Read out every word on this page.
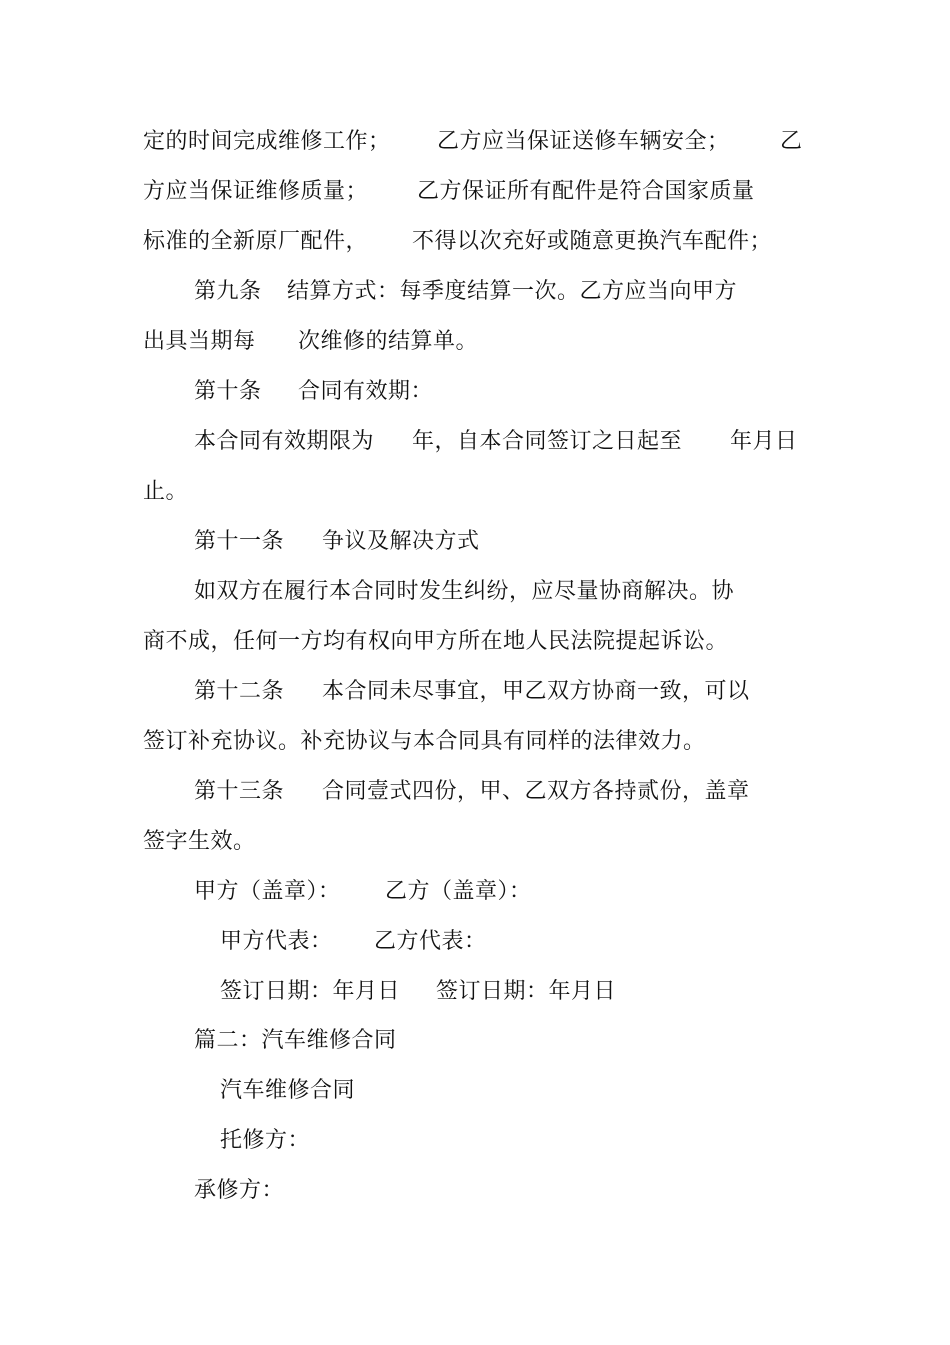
定的时间完成维修工作； 乙方应当保证送修车辆安全； 乙
方应当保证维修质量； 乙方保证所有配件是符合国家质量
标准的全新原厂配件， 不得以次充好或随意更换汽车配件；
第九条 结算方式：每季度结算一次。乙方应当向甲方
出具当期每 次维修的结算单。
第十条 合同有效期：
本合同有效期限为 年，自本合同签订之日起至 年月日
止。
第十一条 争议及解决方式
如双方在履行本合同时发生纠纷，应尽量协商解决。协
商不成，任何一方均有权向甲方所在地人民法院提起诉讼。
第十二条 本合同未尽事宜，甲乙双方协商一致，可以
签订补充协议。补充协议与本合同具有同样的法律效力。
第十三条 合同壹式四份，甲、乙双方各持贰份，盖章
签字生效。
甲方（盖章）： 乙方（盖章）：
甲方代表： 乙方代表：
签订日期：年月日 签订日期：年月日
篇二：汽车维修合同
汽车维修合同
托修方：
承修方：
